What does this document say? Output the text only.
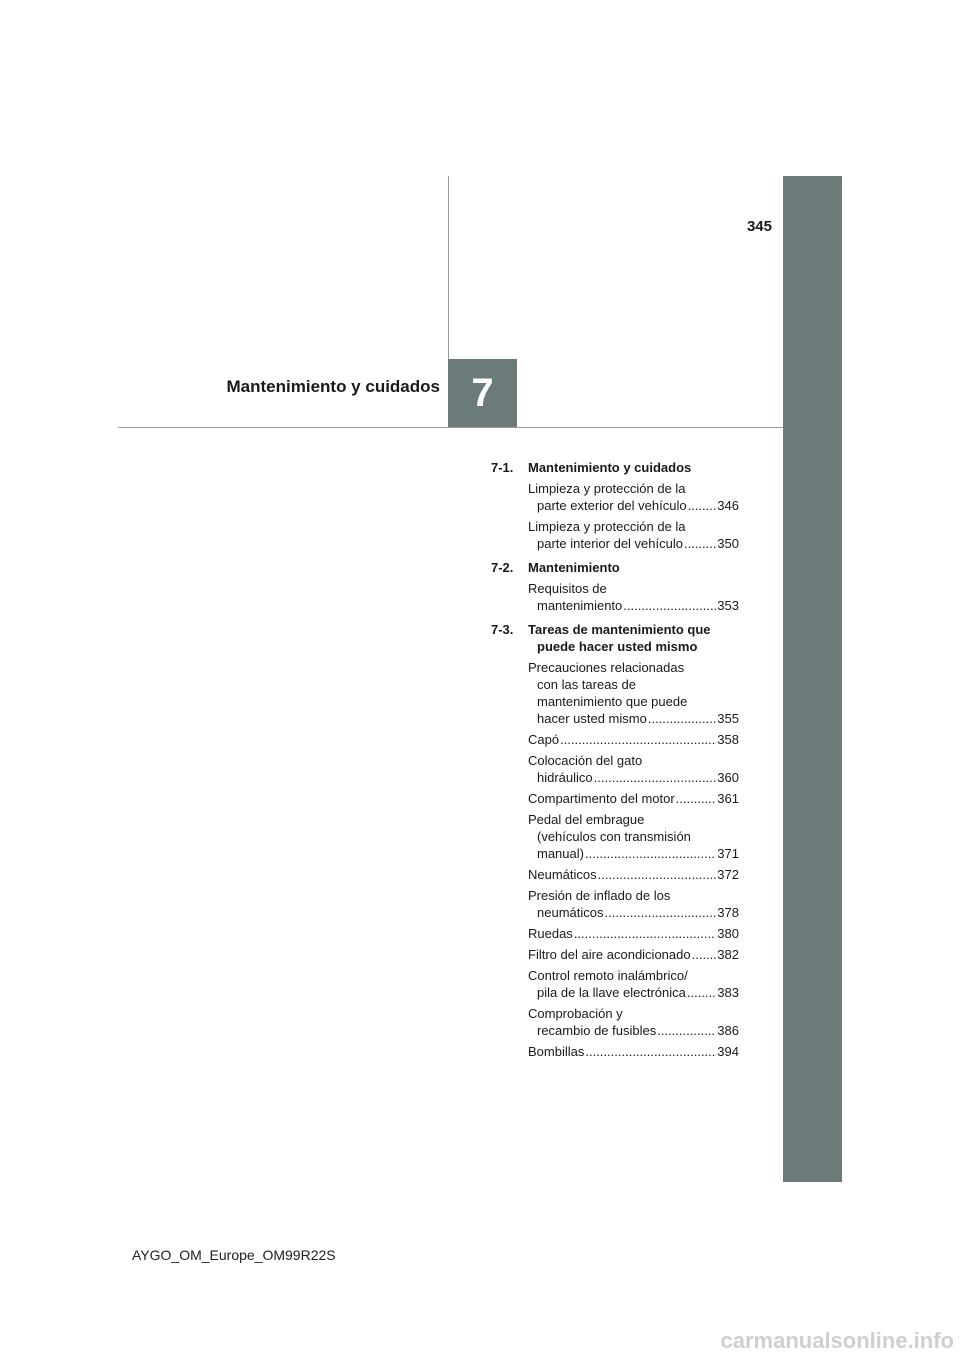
345
Mantenimiento y cuidados 7
7-1. Mantenimiento y cuidados
Limpieza y protección de la
parte exterior del vehículo ..... 346
Limpieza y protección de la
parte interior del vehículo .....	350
7-2. Mantenimiento
Requisitos de
mantenimiento .....	353
7-3. Tareas de mantenimiento que
puede hacer usted mismo
Precauciones relacionadas
con las tareas de
mantenimiento que puede
hacer usted mismo .....	355
Capó .....	358
Colocación del gato
hidráulico .....	360
Compartimento del motor .....	361
Pedal del embrague
(vehículos con transmisión
manual) .....	371
Neumáticos .....	372
Presión de inflado de los
neumáticos .....	378
Ruedas .....	380
Filtro del aire acondicionado ..... 382
Control remoto inalámbrico/
pila de la llave electrónica ..... 383
Comprobación y
recambio de fusibles .....	386
Bombillas .....	394
AYGO_OM_Europe_OM99R22S
carmanualsonline.info
